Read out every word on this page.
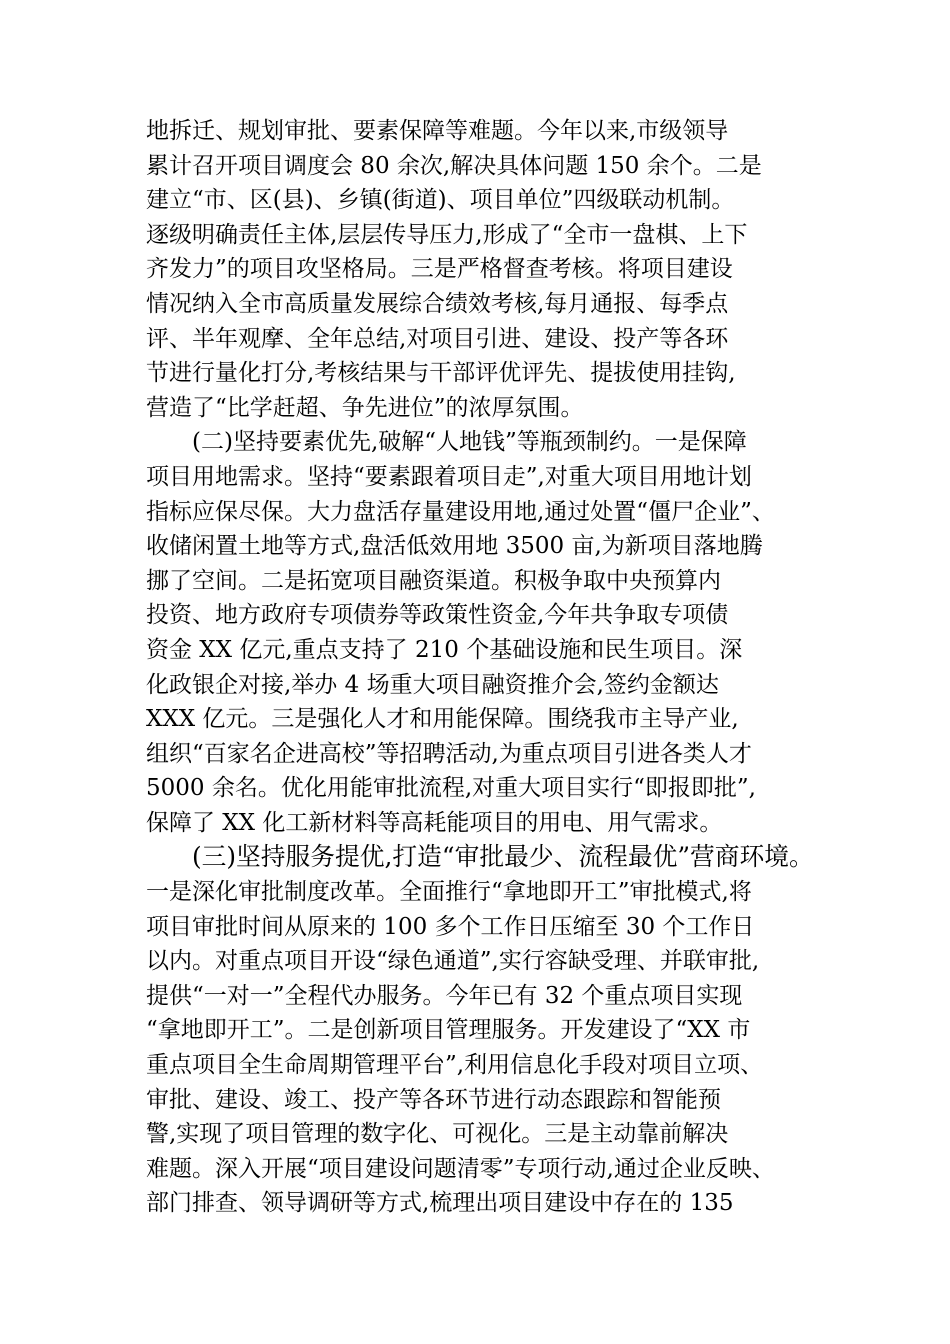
地拆迁、规划审批、要素保障等难题。今年以来,市级领导
累计召开项目调度会 80 余次,解决具体问题 150 余个。二是
建立“市、区(县)、乡镇(街道)、项目单位”四级联动机制。
逐级明确责任主体,层层传导压力,形成了“全市一盘棋、上下
齐发力”的项目攻坚格局。三是严格督查考核。将项目建设
情况纳入全市高质量发展综合绩效考核,每月通报、每季点
评、半年观摩、全年总结,对项目引进、建设、投产等各环
节进行量化打分,考核结果与干部评优评先、提拔使用挂钩,
营造了“比学赶超、争先进位”的浓厚氛围。
(二)坚持要素优先,破解“人地钱”等瓶颈制约。一是保障
项目用地需求。坚持“要素跟着项目走”,对重大项目用地计划
指标应保尽保。大力盘活存量建设用地,通过处置“僵尸企业”、
收储闲置土地等方式,盘活低效用地 3500 亩,为新项目落地腾
挪了空间。二是拓宽项目融资渠道。积极争取中央预算内
投资、地方政府专项债券等政策性资金,今年共争取专项债
资金 XX 亿元,重点支持了 210 个基础设施和民生项目。深
化政银企对接,举办 4 场重大项目融资推介会,签约金额达
XXX 亿元。三是强化人才和用能保障。围绕我市主导产业,
组织“百家名企进高校”等招聘活动,为重点项目引进各类人才
5000 余名。优化用能审批流程,对重大项目实行“即报即批”,
保障了 XX 化工新材料等高耗能项目的用电、用气需求。
(三)坚持服务提优,打造“审批最少、流程最优”营商环境。
一是深化审批制度改革。全面推行“拿地即开工”审批模式,将
项目审批时间从原来的 100 多个工作日压缩至 30 个工作日
以内。对重点项目开设“绿色通道”,实行容缺受理、并联审批,
提供“一对一”全程代办服务。今年已有 32 个重点项目实现
“拿地即开工”。二是创新项目管理服务。开发建设了“XX 市
重点项目全生命周期管理平台”,利用信息化手段对项目立项、
审批、建设、竣工、投产等各环节进行动态跟踪和智能预
警,实现了项目管理的数字化、可视化。三是主动靠前解决
难题。深入开展“项目建设问题清零”专项行动,通过企业反映、
部门排查、领导调研等方式,梳理出项目建设中存在的 135
